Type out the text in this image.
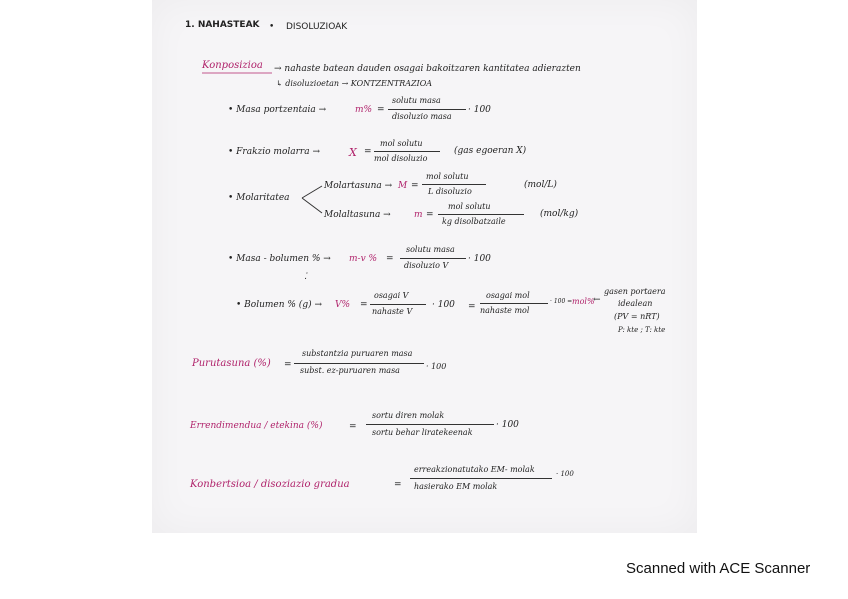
1. NAHASTEAK • DISOLUZIOAK
Konposizioa → nahaste batean dauden osagai bakoitzaren kantitatea adierazten
↳ disoluzioetan → KONTZENTRAZIOA
• Masa portzentaia →	m% =
solutu masa
disoluzio masa
· 100
• Frakzio molarra →	X =
mol solutu
mol disoluzio
(gas egoeran X)
• Molaritatea
Molartasuna → M =
mol solutu
L disoluzio
(mol/L)
Molaltasuna →	m =
mol solutu
kg disolbatzaile
(mol/kg)
• Masa - bolumen % → m-v % =
solutu masa
disoluzio V
· 100
⁚
• Bolumen % (g) → V% =
osagai V
nahaste V
· 100 =
osagai mol
nahaste mol
· 100 = mol%
←
gasen portaera
idealean
(PV = nRT)
P: kte ; T: kte
Purutasuna (%) =
substantzia puruaren masa
subst. ez-puruaren masa	· 100
Errendimendua / etekina (%)	=
sortu diren molak
sortu behar liratekeenak
· 100
Konbertsioa / disoziazio gradua	=
erreakzionatutako EM- molak
hasierako EM molak
· 100
Scanned with ACE Scanner
